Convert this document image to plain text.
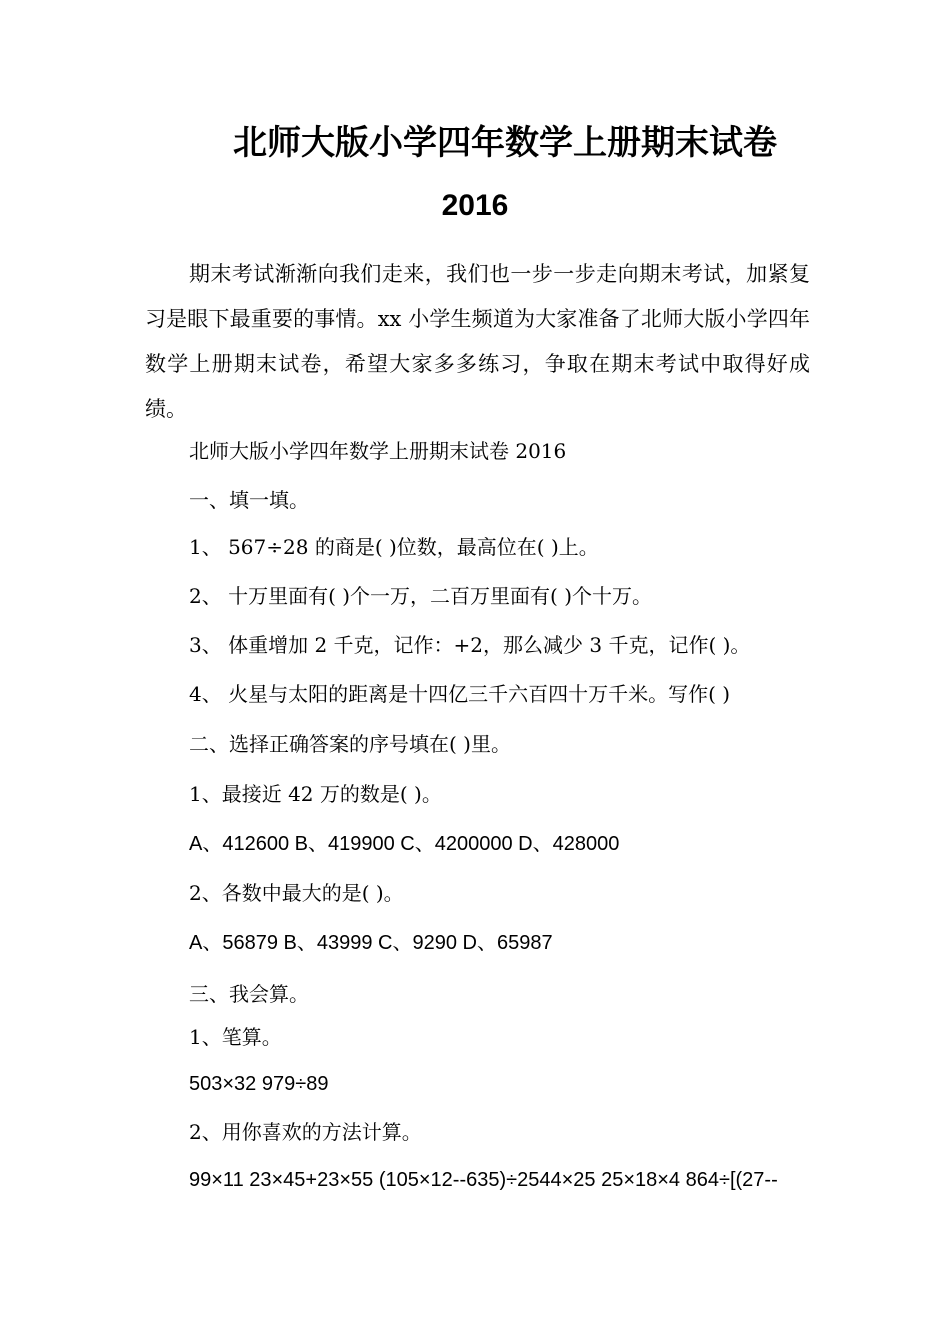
北师大版小学四年数学上册期末试卷
2016

期末考试渐渐向我们走来，我们也一步一步走向期末考试，加紧复习是眼下最重要的事情。xx 小学生频道为大家准备了北师大版小学四年数学上册期末试卷，希望大家多多练习，争取在期末考试中取得好成绩。

北师大版小学四年数学上册期末试卷 2016

一、填一填。

1、 567÷28 的商是( )位数，最高位在( )上。

2、 十万里面有( )个一万，二百万里面有( )个十万。

3、 体重增加 2 千克，记作：+2，那么减少 3 千克，记作( )。

4、 火星与太阳的距离是十四亿三千六百四十万千米。写作( )

二、选择正确答案的序号填在( )里。

1、最接近 42 万的数是( )。

A、412600 B、419900 C、4200000 D、428000

2、各数中最大的是( )。

A、56879 B、43999 C、9290 D、65987

三、我会算。

1、笔算。

503×32 979÷89

2、用你喜欢的方法计算。

99×11 23×45+23×55 (105×12--635)÷2544×25 25×18×4 864÷[(27--
